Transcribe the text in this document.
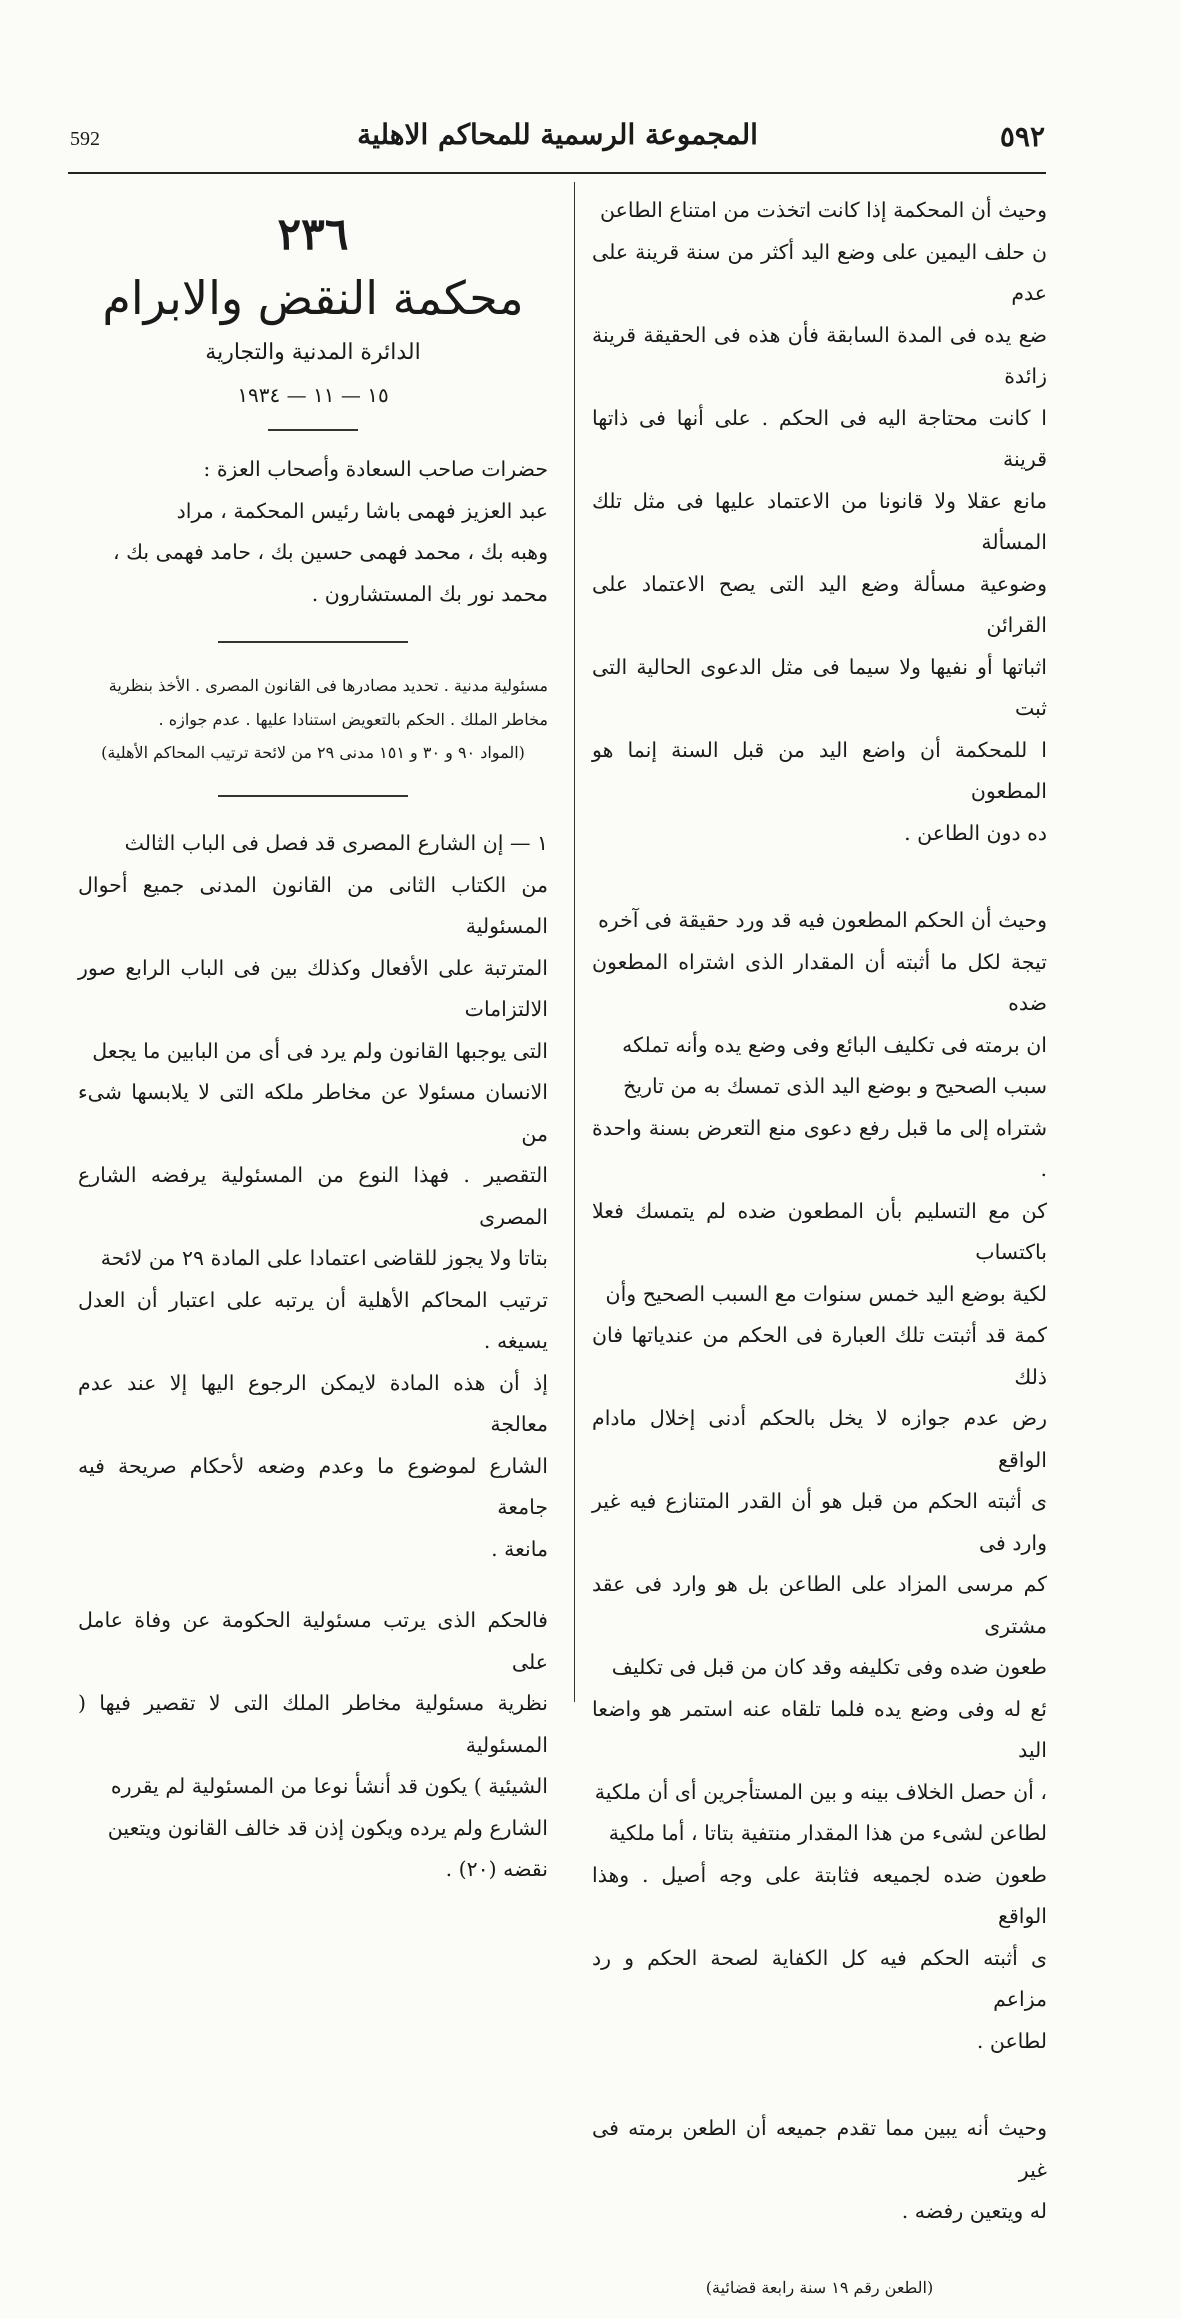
592	المجموعة الرسمية للمحاكم الاهلية	٥٩٢

وحيث أن المحكمة إذا كانت اتخذت من امتناع الطاعن

ن حلف اليمين على وضع اليد أكثر من سنة قرينة على عدم

ضع يده فى المدة السابقة فأن هذه فى الحقيقة قرينة زائدة

ا كانت محتاجة اليه فى الحكم . على أنها فى ذاتها قرينة

مانع عقلا ولا قانونا من الاعتماد عليها فى مثل تلك المسألة

وضوعية مسألة وضع اليد التى يصح الاعتماد على القرائن

اثباتها أو نفيها ولا سيما فى مثل الدعوى الحالية التى ثبت

ا للمحكمة أن واضع اليد من قبل السنة إنما هو المطعون

ده دون الطاعن .

وحيث أن الحكم المطعون فيه قد ورد حقيقة فى آخره

تيجة لكل ما أثبته أن المقدار الذى اشتراه المطعون ضده

ان برمته فى تكليف البائع وفى وضع يده وأنه تملكه

سبب الصحيح و بوضع اليد الذى تمسك به من تاريخ

شتراه إلى ما قبل رفع دعوى منع التعرض بسنة واحدة .

كن مع التسليم بأن المطعون ضده لم يتمسك فعلا باكتساب

لكية بوضع اليد خمس سنوات مع السبب الصحيح وأن

كمة قد أثبتت تلك العبارة فى الحكم من عندياتها فان ذلك

رض عدم جوازه لا يخل بالحكم أدنى إخلال مادام الواقع

ى أثبته الحكم من قبل هو أن القدر المتنازع فيه غير وارد فى

كم مرسى المزاد على الطاعن بل هو وارد فى عقد مشترى

طعون ضده وفى تكليفه وقد كان من قبل فى تكليف

ئع له وفى وضع يده فلما تلقاه عنه استمر هو واضعا اليد

، أن حصل الخلاف بينه و بين المستأجرين أى أن ملكية

لطاعن لشىء من هذا المقدار منتفية بتاتا ، أما ملكية

طعون ضده لجميعه فثابتة على وجه أصيل . وهذا الواقع

ى أثبته الحكم فيه كل الكفاية لصحة الحكم و رد مزاعم

لطاعن .

وحيث أنه يبين مما تقدم جميعه أن الطعن برمته فى غير

له ويتعين رفضه .

(الطعن رقم ١٩ سنة رابعة قضائية)

٢٣٦

محكمة النقض والابرام

الدائرة المدنية والتجارية

١٥ — ١١ — ١٩٣٤

حضرات صاحب السعادة وأصحاب العزة :

عبد العزيز فهمى باشا رئيس المحكمة ، مراد

وهبه بك ، محمد فهمى حسين بك ، حامد فهمى بك ،

محمد نور بك المستشارون .

مسئولية مدنية . تحديد مصادرها فى القانون المصرى . الأخذ بنظرية

مخاطر الملك . الحكم بالتعويض استنادا عليها . عدم جوازه .

(المواد ٩٠ و ٣٠ و ١٥١ مدنى ٢٩ من لائحة ترتيب المحاكم الأهلية)

١ — إن الشارع المصرى قد فصل فى الباب الثالث

من الكتاب الثانى من القانون المدنى جميع أحوال المسئولية

المترتبة على الأفعال وكذلك بين فى الباب الرابع صور الالتزامات

التى يوجبها القانون ولم يرد فى أى من البابين ما يجعل

الانسان مسئولا عن مخاطر ملكه التى لا يلابسها شىء من

التقصير . فهذا النوع من المسئولية يرفضه الشارع المصرى

بتاتا ولا يجوز للقاضى اعتمادا على المادة ٢٩ من لائحة

ترتيب المحاكم الأهلية أن يرتبه على اعتبار أن العدل يسيغه .

إذ أن هذه المادة لايمكن الرجوع اليها إلا عند عدم معالجة

الشارع لموضوع ما وعدم وضعه لأحكام صريحة فيه جامعة

مانعة .

فالحكم الذى يرتب مسئولية الحكومة عن وفاة عامل على

نظرية مسئولية مخاطر الملك التى لا تقصير فيها ( المسئولية

الشيئية ) يكون قد أنشأ نوعا من المسئولية لم يقرره

الشارع ولم يرده ويكون إذن قد خالف القانون ويتعين

نقضه (٢٠) .
